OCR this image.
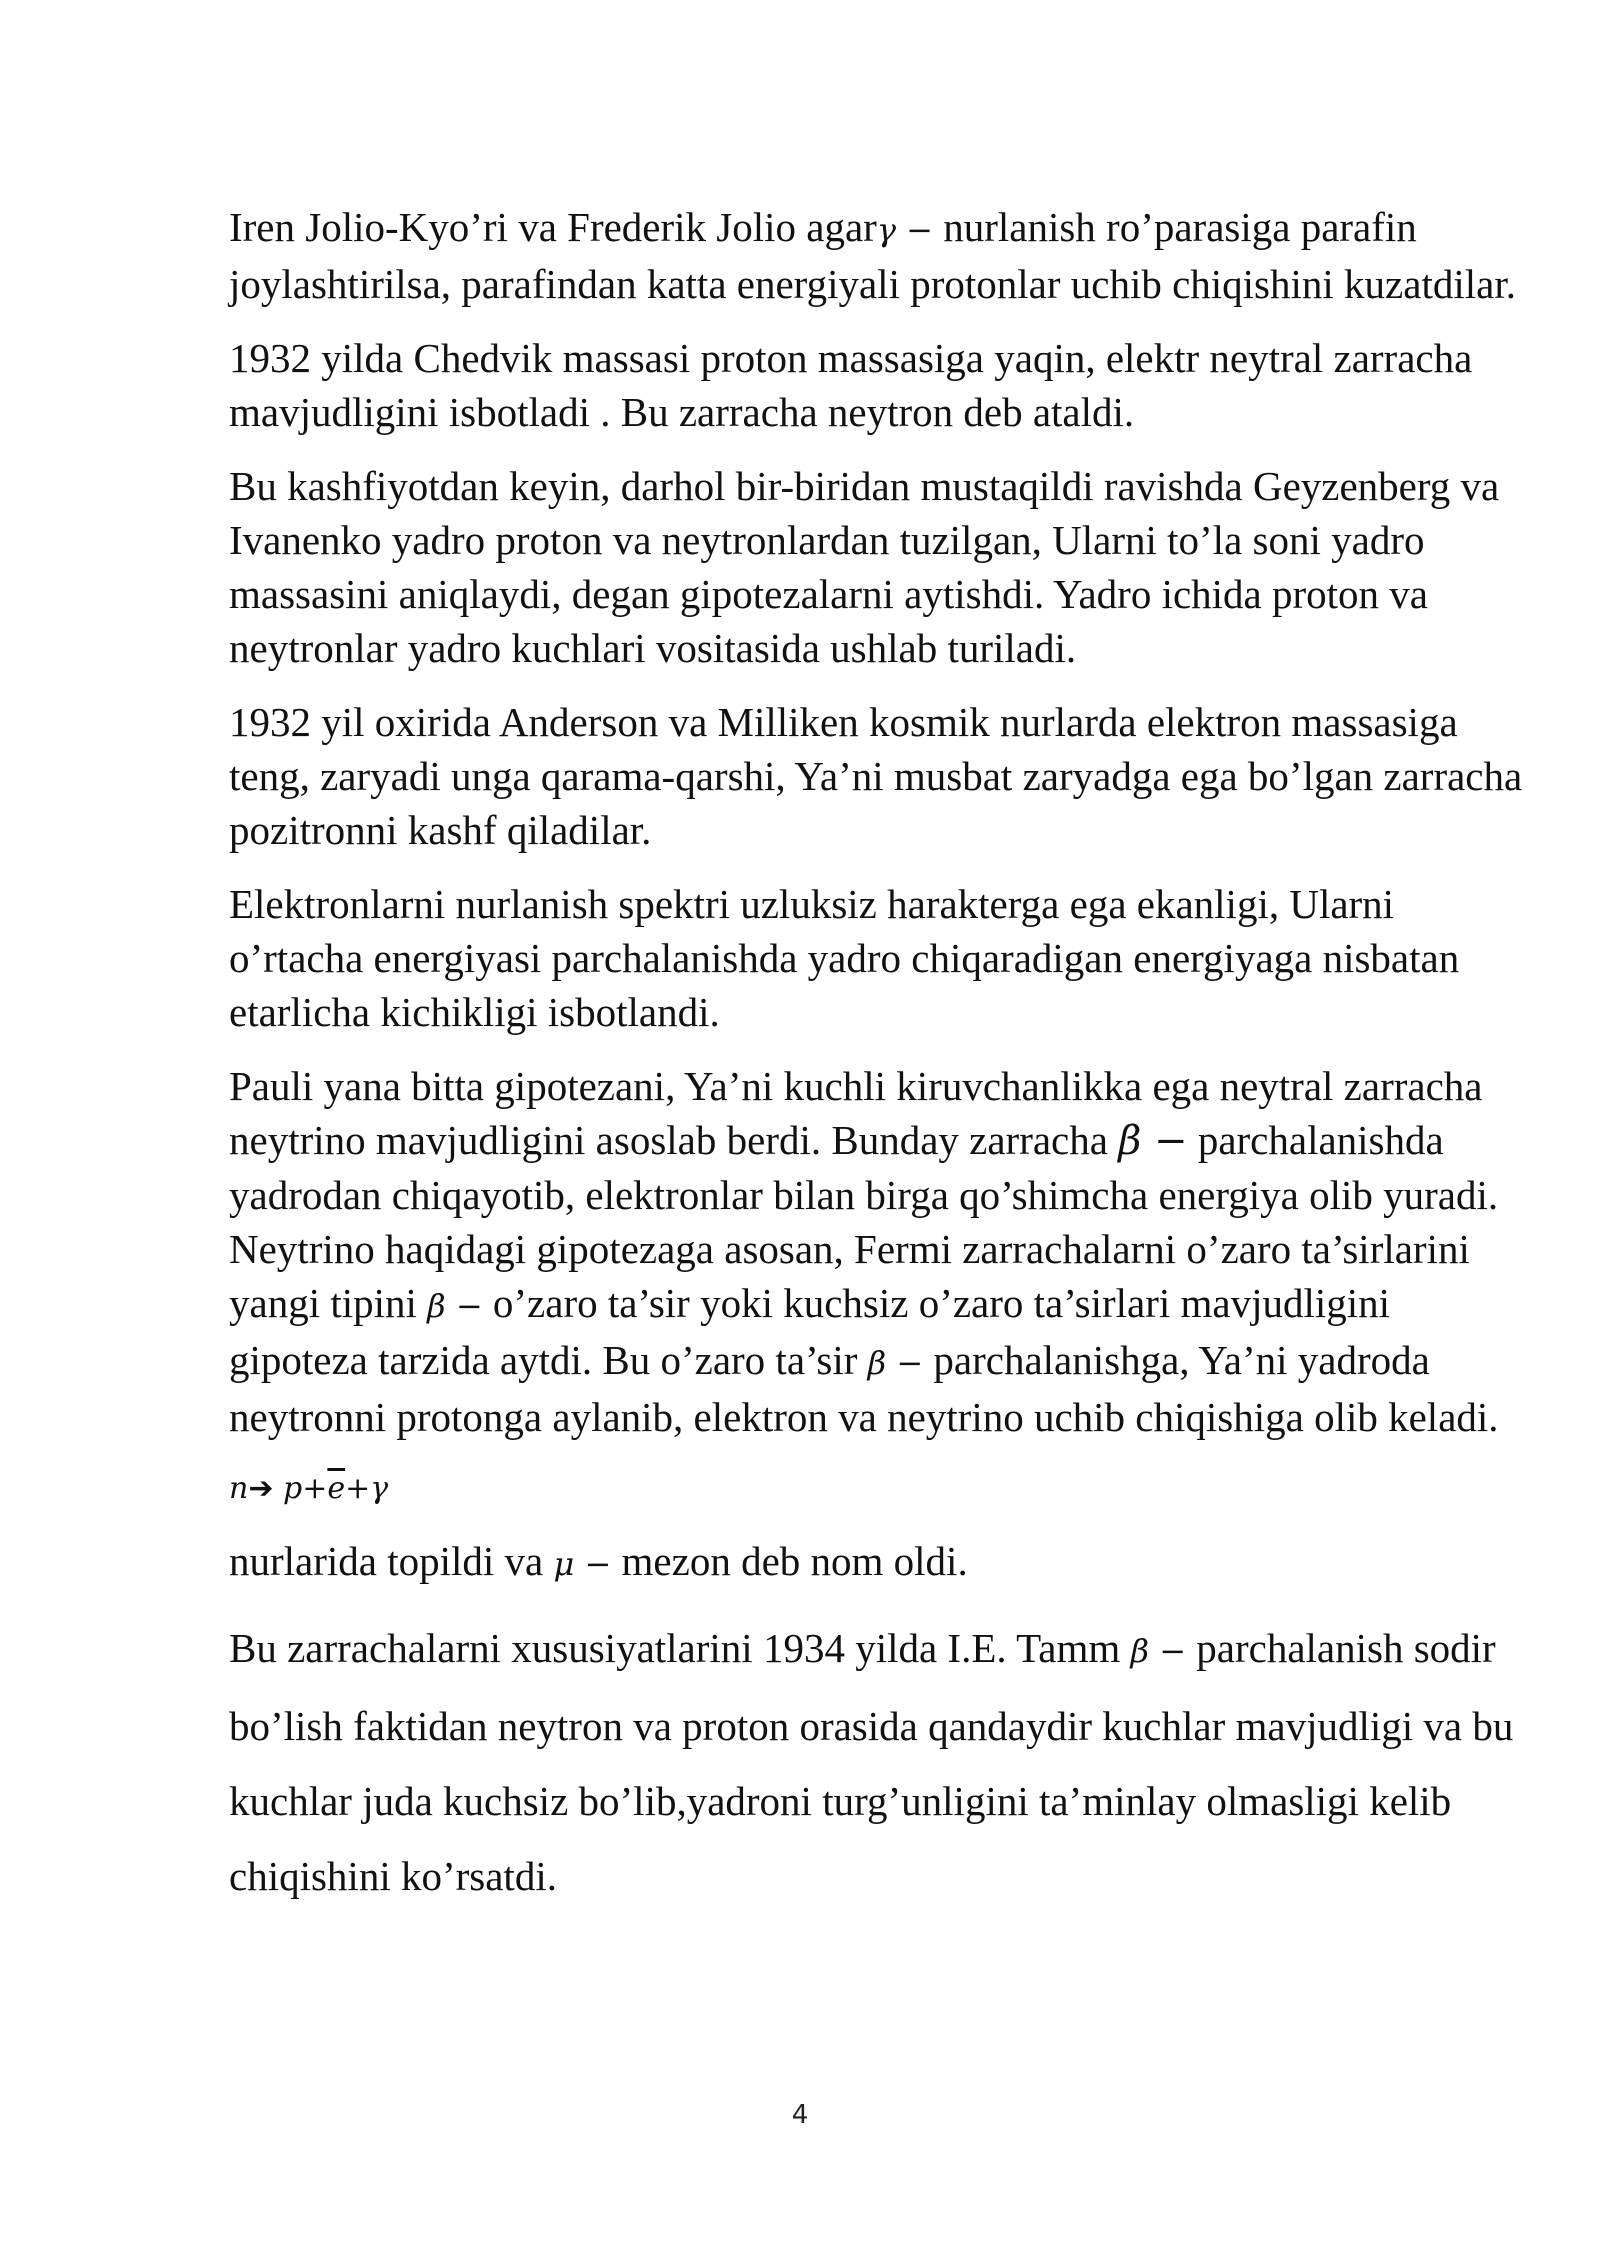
Iren Jolio-Kyo’ri va Frederik Jolio agarγ − nurlanish ro’parasiga parafin joylashtirilsa, parafindan katta energiyali protonlar uchib chiqishini kuzatdilar.

1932 yilda Chedvik massasi proton massasiga yaqin, elektr neytral zarracha mavjudligini isbotladi . Bu zarracha neytron deb ataldi.

Bu kashfiyotdan keyin, darhol bir-biridan mustaqildi ravishda Geyzenberg va Ivanenko yadro proton va neytronlardan tuzilgan, Ularni to’la soni yadro massasini aniqlaydi, degan gipotezalarni aytishdi. Yadro ichida proton va neytronlar yadro kuchlari vositasida ushlab turiladi.

1932 yil oxirida Anderson va Milliken kosmik nurlarda elektron massasiga teng, zaryadi unga qarama-qarshi, Ya’ni musbat zaryadga ega bo’lgan zarracha pozitronni kashf qiladilar.

Elektronlarni nurlanish spektri uzluksiz harakterga ega ekanligi, Ularni o’rtacha energiyasi parchalanishda yadro chiqaradigan energiyaga nisbatan etarlicha kichikligi isbotlandi.

Pauli yana bitta gipotezani, Ya’ni kuchli kiruvchanlikka ega neytral zarracha neytrino mavjudligini asoslab berdi. Bunday zarracha β − parchalanishda yadrodan chiqayotib, elektronlar bilan birga qo’shimcha energiya olib yuradi. Neytrino haqidagi gipotezaga asosan, Fermi zarrachalarni o’zaro ta’sirlarini yangi tipini β − o’zaro ta’sir yoki kuchsiz o’zaro ta’sirlari mavjudligini gipoteza tarzida aytdi. Bu o’zaro ta’sir β − parchalanishga, Ya’ni yadroda neytronni protonga aylanib, elektron va neytrino uchib chiqishiga olib keladi.

n➔ $p+\overline{e}+\gamma$

nurlarida topildi va μ − mezon deb nom oldi.

Bu zarrachalarni xususiyatlarini 1934 yilda I.E. Tamm β − parchalanish sodir bo’lish faktidan neytron va proton orasida qandaydir kuchlar mavjudligi va bu kuchlar juda kuchsiz bo’lib,yadroni turg’unligini ta’minlay olmasligi kelib chiqishini ko’rsatdi.

4
